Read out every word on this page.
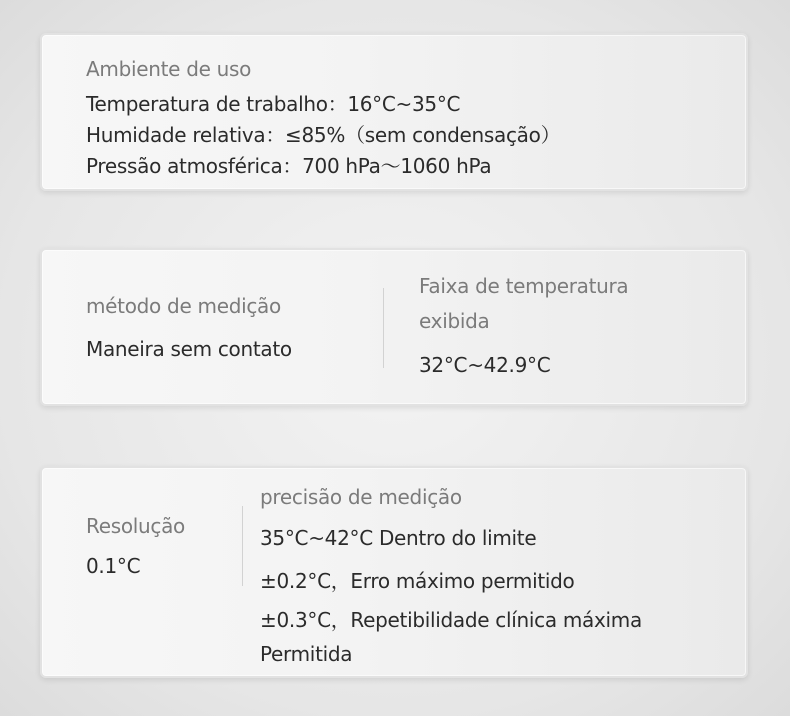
Ambiente de uso
Temperatura de trabalho：16°C~35°C
Humidade relativa：≤85%（sem condensação）
Pressão atmosférica：700 hPa～1060 hPa
método de medição
Maneira sem contato
Faixa de temperatura
exibida
32°C~42.9°C
Resolução
0.1°C
precisão de medição
35°C~42°C Dentro do limite
±0.2°C，Erro máximo permitido
±0.3°C，Repetibilidade clínica máxima
Permitida
